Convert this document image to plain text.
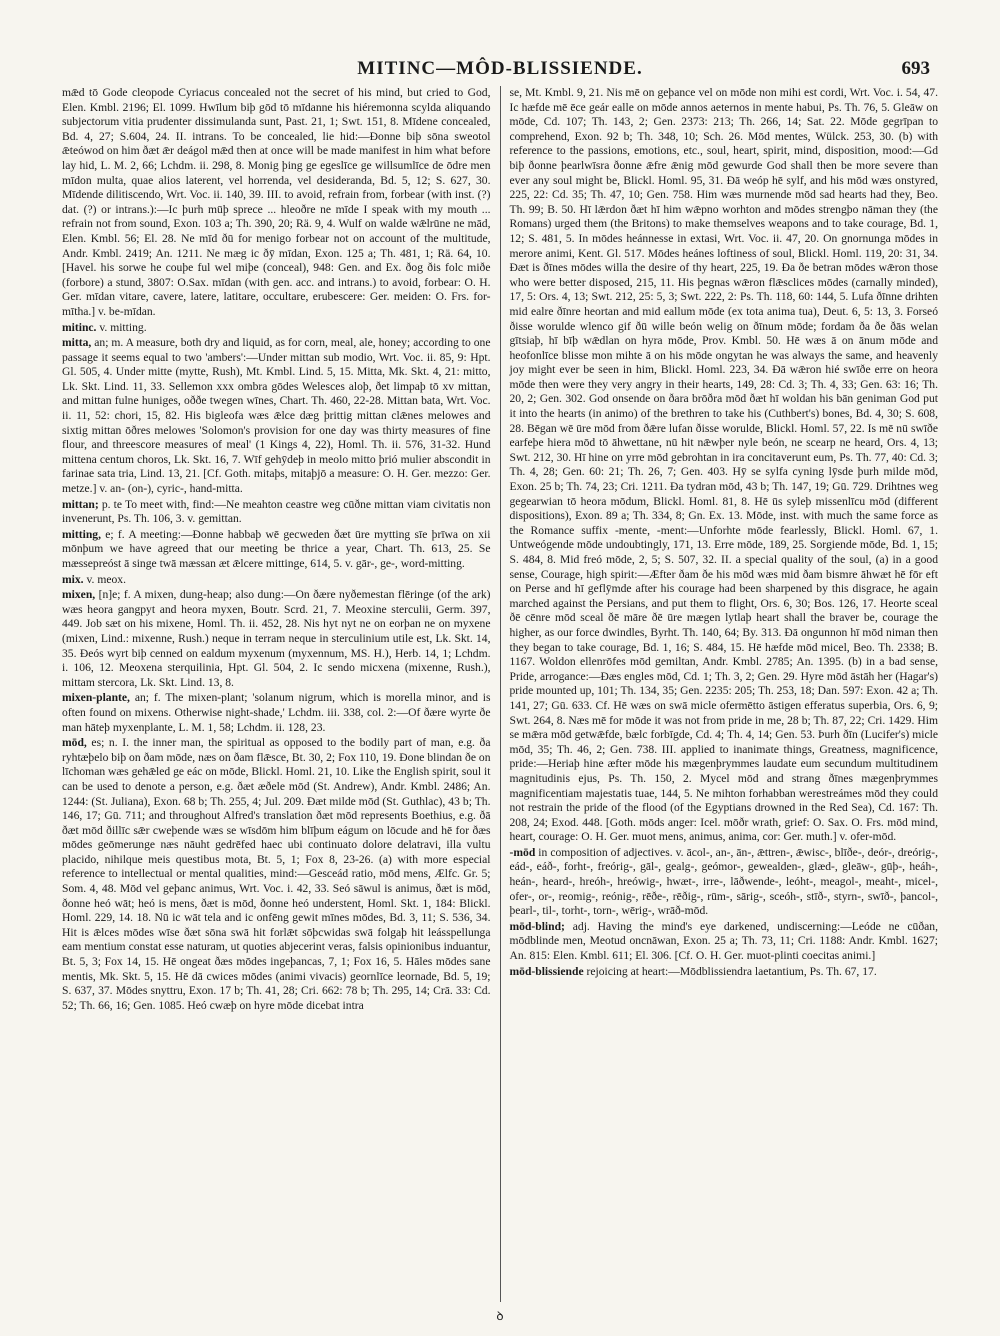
MITINC—MÔD-BLISSIENDE.	693

mǣd tō Gode cleopode Cyriacus concealed not the secret of his mind, but cried to God, Elen. Kmbl. 2196; El. 1099. Hwīlum biþ gōd tō mīdanne his hiéremonna scylda aliquando subjectorum vitia prudenter dissimulanda sunt, Past. 21, 1; Swt. 151, 8. Mīdene concealed, Bd. 4, 27; S.604, 24. II. intrans. To be concealed, lie hid:—Ðonne biþ sōna sweotol ǣteówod on him ðæt ǣr deágol mǣd then at once will be made manifest in him what before lay hid, L. M. 2, 66; Lchdm. ii. 298, 8. Monig þing ge egeslīce ge willsumlīce de ōdre men mīdon multa, quae alios laterent, vel horrenda, vel desideranda, Bd. 5, 12; S. 627, 30. Mīdende dilitiscendo, Wrt. Voc. ii. 140, 39. III. to avoid, refrain from, forbear (with inst. (?) dat. (?) or intrans.):—Ic þurh mūþ sprece ... hleoðre ne mīde I speak with my mouth ... refrain not from sound, Exon. 103 a; Th. 390, 20; Rä. 9, 4. Wulf on walde wǣlrūne ne mād, Elen. Kmbl. 56; El. 28. Ne mīd ðū for menigo forbear not on account of the multitude, Andr. Kmbl. 2419; An. 1211. Ne mæg ic ðȳ mīdan, Exon. 125 a; Th. 481, 1; Rä. 64, 10. [Havel. his sorwe he couþe ful wel miþe (conceal), 948: Gen. and Ex. ðog ðis folc miðe (forbore) a stund, 3807: O.Sax. mīdan (with gen. acc. and intrans.) to avoid, forbear: O. H. Ger. mīdan vitare, cavere, latere, latitare, occultare, erubescere: Ger. meiden: O. Frs. for-mītha.] v. be-mīdan.

mitinc. v. mitting.

mitta, an; m. A measure, both dry and liquid, as for corn, meal, ale, honey; according to one passage it seems equal to two 'ambers':—Under mittan sub modio, Wrt. Voc. ii. 85, 9: Hpt. Gl. 505, 4. Under mitte (mytte, Rush), Mt. Kmbl. Lind. 5, 15. Mitta, Mk. Skt. 4, 21: mitto, Lk. Skt. Lind. 11, 33. Sellemon xxx ombra gōdes Welesces aloþ, ðet limpaþ tō xv mittan, and mittan fulne huniges, oððe twegen wīnes, Chart. Th. 460, 22-28. Mittan bata, Wrt. Voc. ii. 11, 52: chori, 15, 82. His bigleofa wæs ǣlce dæg þrittig mittan clǣnes melowes and sixtig mittan ōðres melowes 'Solomon's provision for one day was thirty measures of fine flour, and threescore measures of meal' (1 Kings 4, 22), Homl. Th. ii. 576, 31-32. Hund mittena centum choros, Lk. Skt. 16, 7. Wīf gehȳdeþ in meolo mitto þrió mulier abscondit in farinae sata tria, Lind. 13, 21. [Cf. Goth. mitaþs, mitaþjō a measure: O. H. Ger. mezzo: Ger. metze.] v. an- (on-), cyric-, hand-mitta.

mittan; p. te To meet with, find:—Ne meahton ceastre weg cūðne mittan viam civitatis non invenerunt, Ps. Th. 106, 3. v. gemittan.

mitting, e; f. A meeting:—Ðonne habbaþ wē gecweden ðæt ūre mytting sīe þrīwa on xii mōnþum we have agreed that our meeting be thrice a year, Chart. Th. 613, 25. Se mæssepreóst ā singe twā mæssan æt ǣlcere mittinge, 614, 5. v. gār-, ge-, word-mitting.

mix. v. meox.

mixen, [n]e; f. A mixen, dung-heap; also dung:—On ðære nyðemestan flēringe (of the ark) wæs heora gangpyt and heora myxen, Boutr. Scrd. 21, 7. Meoxine sterculii, Germ. 397, 449. Job sæt on his mixene, Homl. Th. ii. 452, 28. Nis hyt nyt ne on eorþan ne on myxene (mixen, Lind.: mixenne, Rush.) neque in terram neque in sterculinium utile est, Lk. Skt. 14, 35. Ðeós wyrt biþ cenned on ealdum myxenum (myxennum, MS. H.), Herb. 14, 1; Lchdm. i. 106, 12. Meoxena sterquilinia, Hpt. Gl. 504, 2. Ic sendo micxena (mixenne, Rush.), mittam stercora, Lk. Skt. Lind. 13, 8.

mixen-plante, an; f. The mixen-plant; 'solanum nigrum, which is morella minor, and is often found on mixens. Otherwise night-shade,' Lchdm. iii. 338, col. 2:—Of ðære wyrte ðe man hāteþ myxenplante, L. M. 1, 58; Lchdm. ii. 128, 23.

mōd, es; n. I. the inner man, the spiritual as opposed to the bodily part of man, e.g. ða ryhtæþelo biþ on ðam mōde, næs on ðam flǣsce, Bt. 30, 2; Fox 110, 19. Ðone blindan ðe on līchoman wæs gehǣled ge eác on mōde, Blickl. Homl. 21, 10. Like the English spirit, soul it can be used to denote a person, e.g. ðæt æðele mōd (St. Andrew), Andr. Kmbl. 2486; An. 1244: (St. Juliana), Exon. 68 b; Th. 255, 4; Jul. 209. Ðæt milde mōd (St. Guthlac), 43 b; Th. 146, 17; Gū. 711; and throughout Alfred's translation ðæt mōd represents Boethius, e.g. ðā ðæt mōd ðillīc sǣr cweþende wæs se wīsdōm him blīþum eágum on lōcude and hē for ðæs mōdes geōmerunge næs nāuht gedrēfed haec ubi continuato dolore delatravi, illa vultu placido, nihilque meis questibus mota, Bt. 5, 1; Fox 8, 23-26. (a) with more especial reference to intellectual or mental qualities, mind:—Gesceád ratio, mōd mens, Ælfc. Gr. 5; Som. 4, 48. Mōd vel geþanc animus, Wrt. Voc. i. 42, 33. Seó sāwul is animus, ðæt is mōd, ðonne heó wāt; heó is mens, ðæt is mōd, ðonne heó understent, Homl. Skt. 1, 184: Blickl. Homl. 229, 14. 18. Nū ic wāt tela and ic onfēng gewit mīnes mōdes, Bd. 3, 11; S. 536, 34. Hit is ǣlces mōdes wīse ðæt sōna swā hit forlǣt sōþcwidas swā folgaþ hit leásspellunga eam mentium constat esse naturam, ut quoties abjecerint veras, falsis opinionibus induantur, Bt. 5, 3; Fox 14, 15. Hē ongeat ðæs mōdes ingeþancas, 7, 1; Fox 16, 5. Hāles mōdes sane mentis, Mk. Skt. 5, 15. Hē dā cwices mōdes (animi vivacis) geornlīce leornade, Bd. 5, 19; S. 637, 37. Mōdes snyttru, Exon. 17 b; Th. 41, 28; Cri. 662: 78 b; Th. 295, 14; Crā. 33: Cd. 52; Th. 66, 16; Gen. 1085. Heó cwæþ on hyre mōde dicebat intra

se, Mt. Kmbl. 9, 21. Nis mē on geþance vel on mōde non mihi est cordi, Wrt. Voc. i. 54, 47. Ic hæfde mē ēce geár ealle on mōde annos aeternos in mente habui, Ps. Th. 76, 5. Gleāw on mōde, Cd. 107; Th. 143, 2; Gen. 2373: 213; Th. 266, 14; Sat. 22. Mōde gegrīpan to comprehend, Exon. 92 b; Th. 348, 10; Sch. 26. Mōd mentes, Wülck. 253, 30. (b) with reference to the passions, emotions, etc., soul, heart, spirit, mind, disposition, mood:—Gd biþ ðonne þearlwīsra ðonne ǣfre ǣnig mōd gewurde God shall then be more severe than ever any soul might be, Blickl. Homl. 95, 31. Ðā weóp hē sylf, and his mōd wæs onstyred, 225, 22: Cd. 35; Th. 47, 10; Gen. 758. Him wæs murnende mōd sad hearts had they, Beo. Th. 99; B. 50. Hī lǣrdon ðæt hī him wǣpno worhton and mōdes strengþo nāman they (the Romans) urged them (the Britons) to make themselves weapons and to take courage, Bd. 1, 12; S. 481, 5. In mōdes heánnesse in extasi, Wrt. Voc. ii. 47, 20. On gnornunga mōdes in merore animi, Kent. Gl. 517. Mōdes heánes loftiness of soul, Blickl. Homl. 119, 20: 31, 34. Ðæt is ðīnes mōdes willa the desire of thy heart, 225, 19. Ða ðe betran mōdes wǣron those who were better disposed, 215, 11. His þegnas wǣron flǣsclices mōdes (carnally minded), 17, 5: Ors. 4, 13; Swt. 212, 25: 5, 3; Swt. 222, 2: Ps. Th. 118, 60: 144, 5. Lufa ðīnne drihten mid ealre ðīnre heortan and mid eallum mōde (ex tota anima tua), Deut. 6, 5: 13, 3. Forseó ðisse worulde wlenco gif ðū wille beón welig on ðīnum mōde; fordam ða ðe ðās welan gītsiaþ, hī bīþ wǣdlan on hyra mōde, Prov. Kmbl. 50. Hē wæs ā on ānum mōde and heofonlīce blisse mon mihte ā on his mōde ongytan he was always the same, and heavenly joy might ever be seen in him, Blickl. Homl. 223, 34. Ðā wǣron hié swīðe erre on heora mōde then were they very angry in their hearts, 149, 28: Cd. 3; Th. 4, 33; Gen. 63: 16; Th. 20, 2; Gen. 302. God onsende on ðara brōðra mōd ðæt hī woldan his bān geniman God put it into the hearts (in animo) of the brethren to take his (Cuthbert's) bones, Bd. 4, 30; S. 608, 28. Bēgan wē ūre mōd from ðǣre lufan ðisse worulde, Blickl. Homl. 57, 22. Is mē nū swīðe earfeþe hiera mōd tō āhwettane, nū hit nǣwþer nyle beón, ne scearp ne heard, Ors. 4, 13; Swt. 212, 30. Hī hine on yrre mōd gebrohtan in ira concitaverunt eum, Ps. Th. 77, 40: Cd. 3; Th. 4, 28; Gen. 60: 21; Th. 26, 7; Gen. 403. Hȳ se sylfa cyning lȳsde þurh milde mōd, Exon. 25 b; Th. 74, 23; Cri. 1211. Ða tydran mōd, 43 b; Th. 147, 19; Gū. 729. Drihtnes weg gegearwian tō heora mōdum, Blickl. Homl. 81, 8. Hē ūs syleþ missenlīcu mōd (different dispositions), Exon. 89 a; Th. 334, 8; Gn. Ex. 13. Mōde, inst. with much the same force as the Romance suffix -mente, -ment:—Unforhte mōde fearlessly, Blickl. Homl. 67, 1. Untweógende mōde undoubtingly, 171, 13. Erre mōde, 189, 25. Sorgiende mōde, Bd. 1, 15; S. 484, 8. Mid freó mōde, 2, 5; S. 507, 32. II. a special quality of the soul, (a) in a good sense, Courage, high spirit:—Æfter ðam ðe his mōd wæs mid ðam bismre āhwæt hē fōr eft on Perse and hī geflȳmde after his courage had been sharpened by this disgrace, he again marched against the Persians, and put them to flight, Ors. 6, 30; Bos. 126, 17. Heorte sceal ðē cēnre mōd sceal ðē māre ðē ūre mægen lytlaþ heart shall the braver be, courage the higher, as our force dwindles, Byrht. Th. 140, 64; By. 313. Ðā ongunnon hī mōd niman then they began to take courage, Bd. 1, 16; S. 484, 15. Hē hæfde mōd micel, Beo. Th. 2338; B. 1167. Woldon ellenrōfes mōd gemiltan, Andr. Kmbl. 2785; An. 1395. (b) in a bad sense, Pride, arrogance:—Ðæs engles mōd, Cd. 1; Th. 3, 2; Gen. 29. Hyre mōd āstāh her (Hagar's) pride mounted up, 101; Th. 134, 35; Gen. 2235: 205; Th. 253, 18; Dan. 597: Exon. 42 a; Th. 141, 27; Gū. 633. Cf. Hē wæs on swā micle ofermētto āstigen efferatus superbia, Ors. 6, 9; Swt. 264, 8. Næs mē for mōde it was not from pride in me, 28 b; Th. 87, 22; Cri. 1429. Him se mǣra mōd getwǣfde, bælc forbīgde, Cd. 4; Th. 4, 14; Gen. 53. Þurh ðīn (Lucifer's) micle mōd, 35; Th. 46, 2; Gen. 738. III. applied to inanimate things, Greatness, magnificence, pride:—Heriaþ hine æfter mōde his mægenþrymmes laudate eum secundum multitudinem magnitudinis ejus, Ps. Th. 150, 2. Mycel mōd and strang ðīnes mægenþrymmes magnificentiam majestatis tuae, 144, 5. Ne mihton forhabban werestreámes mōd they could not restrain the pride of the flood (of the Egyptians drowned in the Red Sea), Cd. 167: Th. 208, 24; Exod. 448. [Goth. mōds anger: Icel. mōðr wrath, grief: O. Sax. O. Frs. mōd mind, heart, courage: O. H. Ger. muot mens, animus, anima, cor: Ger. muth.] v. ofer-mōd.

-mōd in composition of adjectives. v. ācol-, an-, ān-, ǣttren-, ǣwisc-, blīðe-, deór-, dreórig-, eád-, eáð-, forht-, freórig-, gāl-, gealg-, geómor-, gewealden-, glæd-, gleāw-, gūþ-, heáh-, heán-, heard-, hreóh-, hreówig-, hwæt-, irre-, lāðwende-, leóht-, meagol-, meaht-, micel-, ofer-, or-, reomig-, reónig-, rēðe-, rēðig-, rūm-, sārig-, sceóh-, stīð-, styrn-, swīð-, þancol-, þearl-, til-, torht-, torn-, wērig-, wrāð-mōd.

mōd-blind; adj. Having the mind's eye darkened, undiscerning:—Leóde ne cūðan, mōdblinde men, Meotud oncnāwan, Exon. 25 a; Th. 73, 11; Cri. 1188: Andr. Kmbl. 1627; An. 815: Elen. Kmbl. 611; El. 306. [Cf. O. H. Ger. muot-plinti coecitas animi.]

mōd-blissiende rejoicing at heart:—Mōdblissiendra laetantium, Ps. Th. 67, 17.

ꝺ
